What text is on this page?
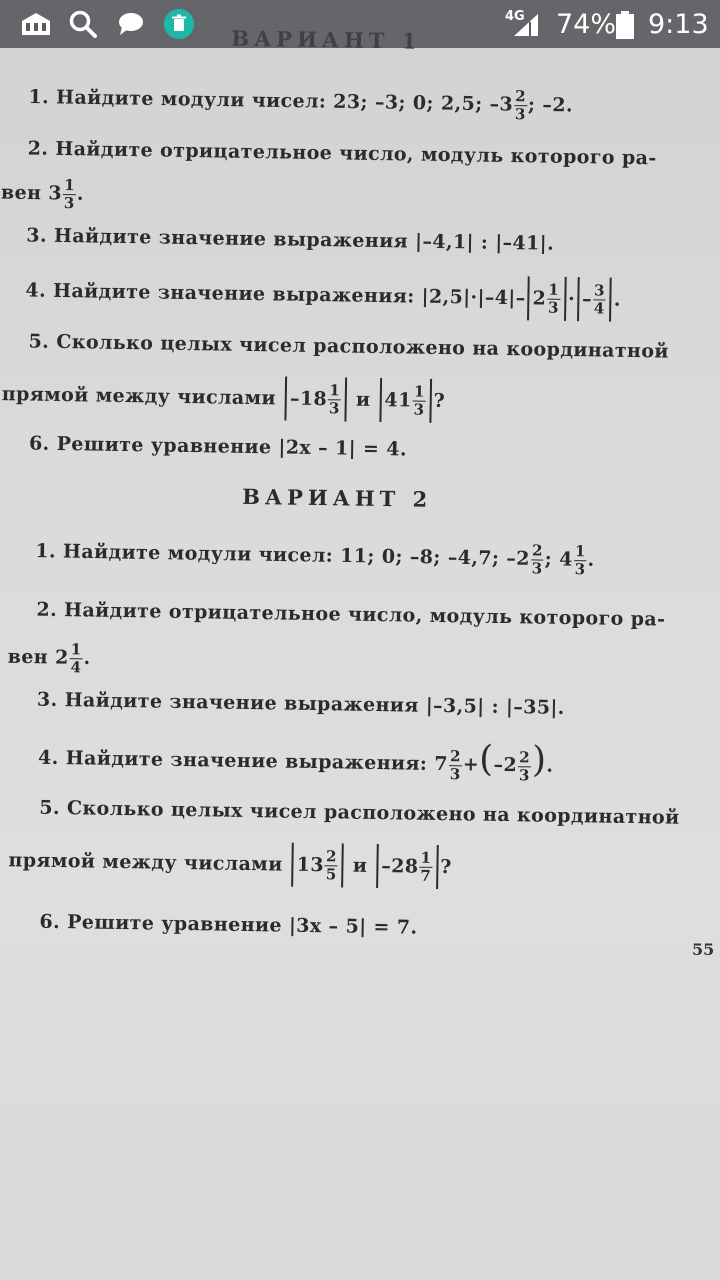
1. Найдите модули чисел: 23; –3; 0; 2,5; $-3 \frac{2}{3}$ ; –2.
2. Найдите отрицательное число, модуль которого ра-
вен $3 \frac{1}{3}$ .
3. Найдите значение выражения |–4,1| : |–41|.
4. Найдите значение выражения: |2,5|·|–4|– $2 \frac{1}{3}$ · – $\frac{3}{4}$ .
5. Сколько целых чисел расположено на координатной
прямой между числами $-18 \frac{1}{3}$ и $41 \frac{1}{3}$ ?
6. Решите уравнение |2x – 1| = 4.
ВАРИАНТ 2
1. Найдите модули чисел: 11; 0; –8; –4,7; $-2 \frac{2}{3}$ ; $4 \frac{1}{3}$ .
2. Найдите отрицательное число, модуль которого ра-
вен $2 \frac{1}{4}$ .
3. Найдите значение выражения |–3,5| : |–35|.
4. Найдите значение выражения: $7 \frac{2}{3} +(-2 \frac{2}{3}$ ).
5. Сколько целых чисел расположено на координатной
прямой между числами $13 \frac{2}{5}$ и $-28 \frac{1}{7}$ ?
6. Решите уравнение |3x – 5| = 7.
55
4G 74% 9:13
